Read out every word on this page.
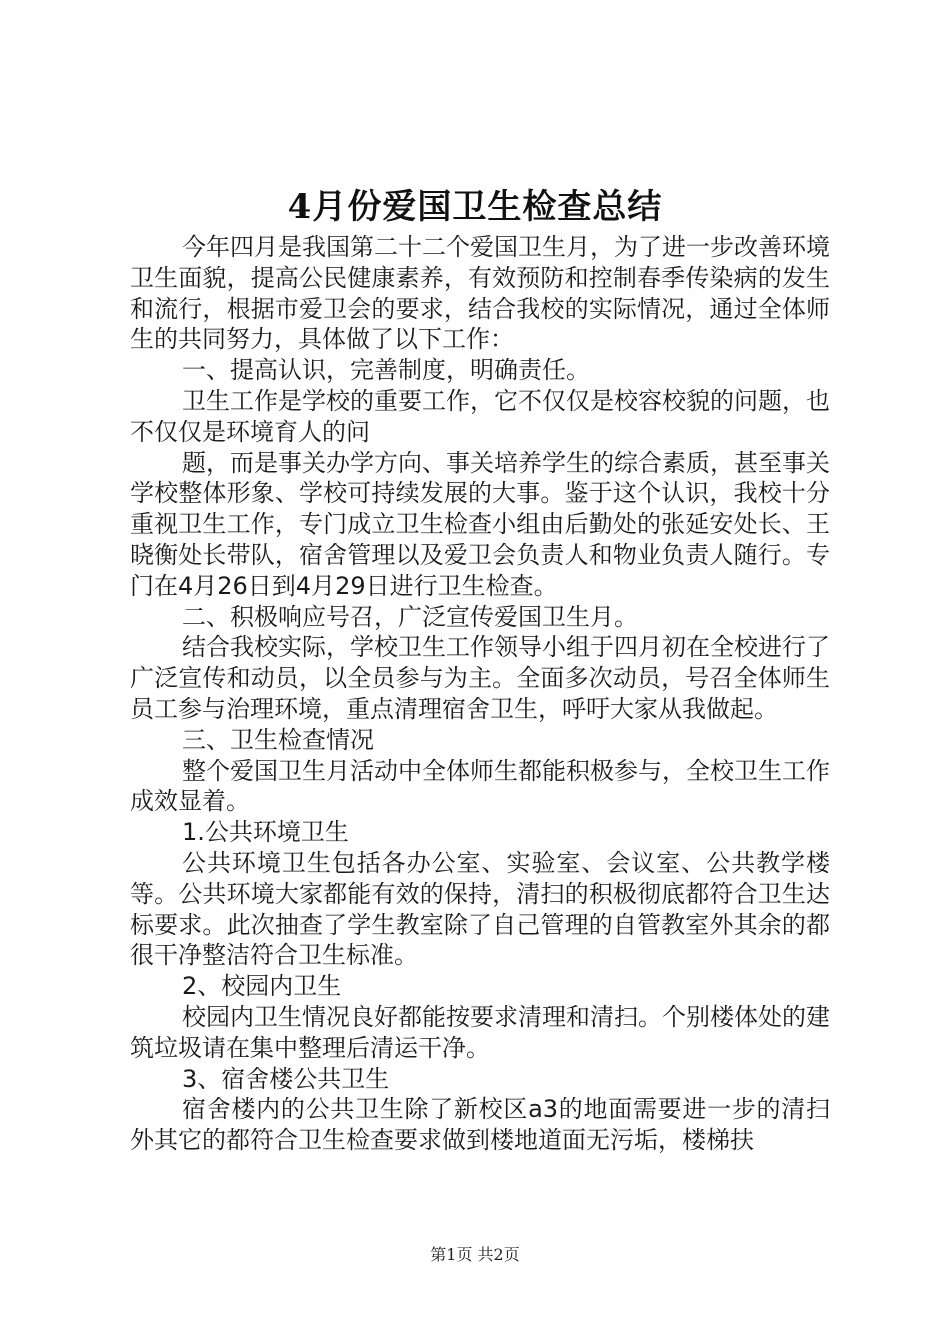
4月份爱国卫生检查总结

今年四月是我国第二十二个爱国卫生月，为了进一步改善环境卫生面貌，提高公民健康素养，有效预防和控制春季传染病的发生和流行，根据市爱卫会的要求，结合我校的实际情况，通过全体师生的共同努力，具体做了以下工作：

一、提高认识，完善制度，明确责任。

卫生工作是学校的重要工作，它不仅仅是校容校貌的问题，也不仅仅是环境育人的问

题，而是事关办学方向、事关培养学生的综合素质，甚至事关学校整体形象、学校可持续发展的大事。鉴于这个认识，我校十分重视卫生工作，专门成立卫生检查小组由后勤处的张延安处长、王晓衡处长带队，宿舍管理以及爱卫会负责人和物业负责人随行。专门在4月26日到4月29日进行卫生检查。

二、积极响应号召，广泛宣传爱国卫生月。

结合我校实际，学校卫生工作领导小组于四月初在全校进行了广泛宣传和动员，以全员参与为主。全面多次动员，号召全体师生员工参与治理环境，重点清理宿舍卫生，呼吁大家从我做起。

三、卫生检查情况

整个爱国卫生月活动中全体师生都能积极参与，全校卫生工作成效显着。

1.公共环境卫生

公共环境卫生包括各办公室、实验室、会议室、公共教学楼等。公共环境大家都能有效的保持，清扫的积极彻底都符合卫生达标要求。此次抽查了学生教室除了自己管理的自管教室外其余的都很干净整洁符合卫生标准。

2、校园内卫生

校园内卫生情况良好都能按要求清理和清扫。个别楼体处的建筑垃圾请在集中整理后清运干净。

3、宿舍楼公共卫生

宿舍楼内的公共卫生除了新校区a3的地面需要进一步的清扫外其它的都符合卫生检查要求做到楼地道面无污垢，楼梯扶

第1页 共2页
